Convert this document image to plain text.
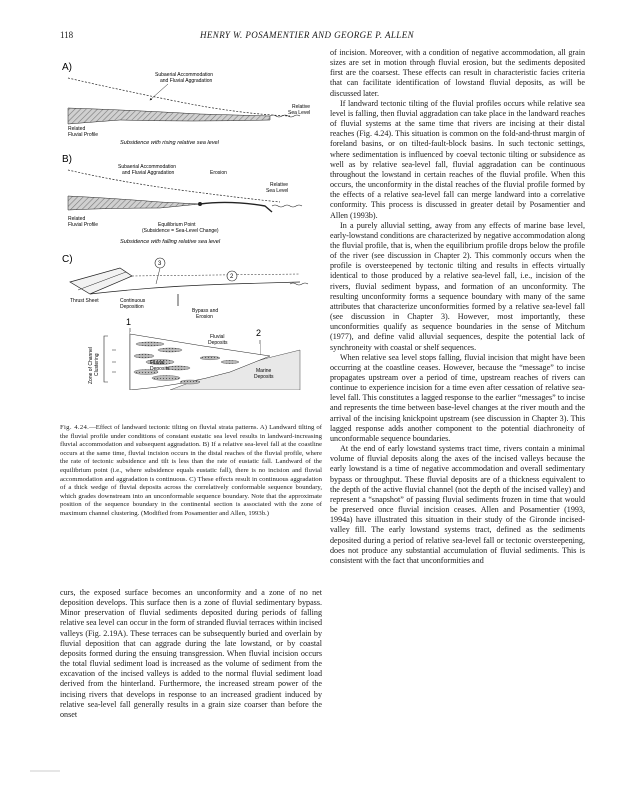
118	HENRY W. POSAMENTIER AND GEORGE P. ALLEN
A)
Subaerial Accommodation
and Fluvial Aggradation
Relative
Sea Level
Related
Fluvial Profile
Subsidence with rising relative sea level
B)
Subaerial Accommodation
and Fluvial Aggradation	Erosion
Relative
Sea Level
Related
Fluvial Profile	Equilibrium Point
(Subsidence = Sea-Level Change)
Subsidence with falling relative sea level
C)	3
2
Thrust Sheet	Continuous
Deposition
Bypass and
Erosion
1
2
Zone of Channel Clustering
Fluvial
Deposits
Fluvial
Deposits	Marine
Deposits
Fig. 4.24.—Effect of landward tectonic tilting on fluvial strata patterns. A) Landward tilting of the fluvial profile under conditions of constant eustatic sea level results in landward-increasing fluvial accommodation and subsequent aggradation. B) If a relative sea-level fall at the coastline occurs at the same time, fluvial incision occurs in the distal reaches of the fluvial profile, where the rate of tectonic subsidence and tilt is less than the rate of eustatic fall. Landward of the equilibrium point (i.e., where subsidence equals eustatic fall), there is no incision and fluvial accommodation and aggradation is continuous. C) These effects result in continuous aggradation of a thick wedge of fluvial deposits across the correlatively conformable sequence boundary, which grades downstream into an unconformable sequence boundary. Note that the approximate position of the sequence boundary in the continental section is associated with the zone of maximum channel clustering. (Modified from Posamentier and Allen, 1993b.)

curs, the exposed surface becomes an unconformity and a zone of no net deposition develops. This surface then is a zone of fluvial sedimentary bypass. Minor preservation of fluvial sediments deposited during periods of falling relative sea level can occur in the form of stranded fluvial terraces within incised valleys (Fig. 2.19A). These terraces can be subsequently buried and overlain by fluvial deposition that can aggrade during the late lowstand, or by coastal deposits formed during the ensuing transgression. When fluvial incision occurs the total fluvial sediment load is increased as the volume of sediment from the excavation of the incised valleys is added to the normal fluvial sediment load derived from the hinterland. Furthermore, the increased stream power of the incising rivers that develops in response to an increased gradient induced by relative sea-level fall generally results in a grain size coarser than before the onset

of incision. Moreover, with a condition of negative accommodation, all grain sizes are set in motion through fluvial erosion, but the sediments deposited first are the coarsest. These effects can result in characteristic facies criteria that can facilitate identification of lowstand fluvial deposits, as will be discussed later.

If landward tectonic tilting of the fluvial profiles occurs while relative sea level is falling, then fluvial aggradation can take place in the landward reaches of fluvial systems at the same time that rivers are incising at their distal reaches (Fig. 4.24). This situation is common on the fold-and-thrust margin of foreland basins, or on tilted-fault-block basins. In such tectonic settings, where sedimentation is influenced by coeval tectonic tilting or subsidence as well as by relative sea-level fall, fluvial aggradation can be continuous throughout the lowstand in certain reaches of the fluvial profile. When this occurs, the unconformity in the distal reaches of the fluvial profile formed by the effects of a relative sea-level fall can merge landward into a correlative conformity. This process is discussed in greater detail by Posamentier and Allen (1993b).

In a purely alluvial setting, away from any effects of marine base level, early-lowstand conditions are characterized by negative accommodation along the fluvial profile, that is, when the equilibrium profile drops below the profile of the river (see discussion in Chapter 2). This commonly occurs when the profile is oversteepened by tectonic tilting and results in effects virtually identical to those produced by a relative sea-level fall, i.e., incision of the rivers, fluvial sediment bypass, and formation of an unconformity. The resulting unconformity forms a sequence boundary with many of the same attributes that characterize unconformities formed by a relative sea-level fall (see discussion in Chapter 3). However, most importantly, these unconformities qualify as sequence boundaries in the sense of Mitchum (1977), and define valid alluvial sequences, despite the potential lack of synchroneity with coastal or shelf sequences.

When relative sea level stops falling, fluvial incision that might have been occurring at the coastline ceases. However, because the “message” to incise propagates upstream over a period of time, upstream reaches of rivers can continue to experience incision for a time even after cessation of relative sea-level fall. This constitutes a lagged response to the earlier “messages” to incise and represents the time between base-level changes at the river mouth and the arrival of the incising knickpoint upstream (see discussion in Chapter 3). This lagged response adds another component to the potential diachroneity of unconformable sequence boundaries.

At the end of early lowstand systems tract time, rivers contain a minimal volume of fluvial deposits along the axes of the incised valleys because the early lowstand is a time of negative accommodation and overall sedimentary bypass or throughput. These fluvial deposits are of a thickness equivalent to the depth of the active fluvial channel (not the depth of the incised valley) and represent a “snapshot” of passing fluvial sediments frozen in time that would be preserved once fluvial incision ceases. Allen and Posamentier (1993, 1994a) have illustrated this situation in their study of the Gironde incised-valley fill. The early lowstand systems tract, defined as the sediments deposited during a period of relative sea-level fall or tectonic oversteepening, does not produce any substantial accumulation of fluvial sediments. This is consistent with the fact that unconformities and
